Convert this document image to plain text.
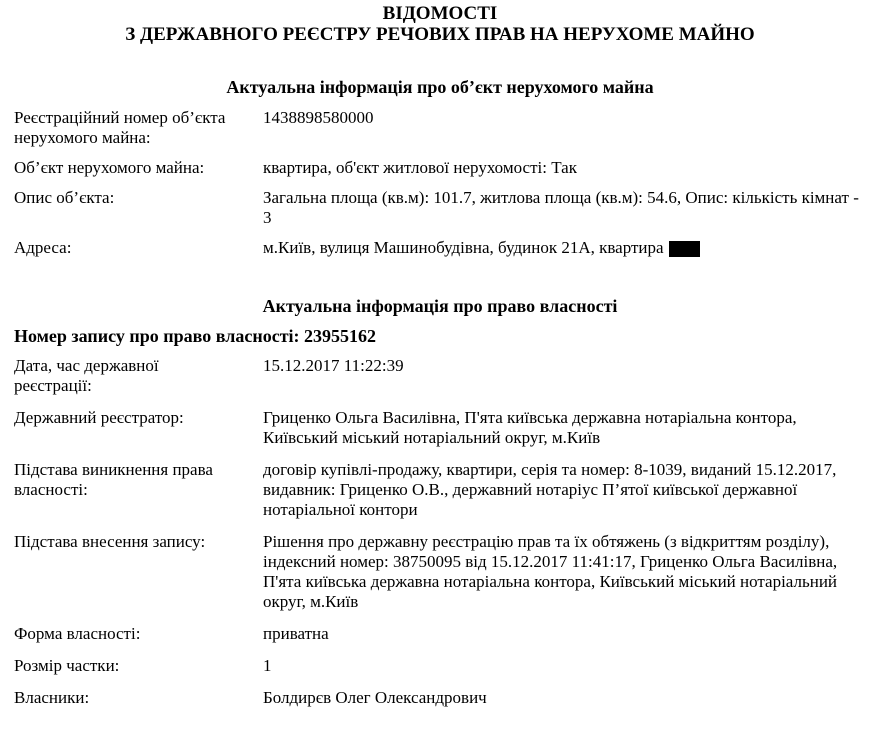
ВІДОМОСТІ
З ДЕРЖАВНОГО РЕЄСТРУ РЕЧОВИХ ПРАВ НА НЕРУХОМЕ МАЙНО
Актуальна інформація про об’єкт нерухомого майна
Реєстраційний номер об’єкта нерухомого майна:
1438898580000
Об’єкт нерухомого майна:	квартира, об'єкт житлової нерухомості: Так
Опис об’єкта:	Загальна площа (кв.м): 101.7, житлова площа (кв.м): 54.6, Опис: кількість кімнат - 3
Адреса:	м.Київ, вулиця Машинобудівна, будинок 21А, квартира
Актуальна інформація про право власності
Номер запису про право власності: 23955162
Дата, час державної реєстрації:
15.12.2017 11:22:39
Державний реєстратор:	Гриценко Ольга Василівна, П'ята київська державна нотаріальна контора, Київський міський нотаріальний округ, м.Київ
Підстава виникнення права власності:
договір купівлі-продажу, квартири, серія та номер: 8-1039, виданий 15.12.2017, видавник: Гриценко О.В., державний нотаріус П’ятої київської державної нотаріальної контори
Підстава внесення запису:	Рішення про державну реєстрацію прав та їх обтяжень (з відкриттям розділу), індексний номер: 38750095 від 15.12.2017 11:41:17, Гриценко Ольга Василівна, П'ята київська державна нотаріальна контора, Київський міський нотаріальний округ, м.Київ
Форма власності:	приватна
Розмір частки:	1
Власники:	Болдирєв Олег Олександрович
